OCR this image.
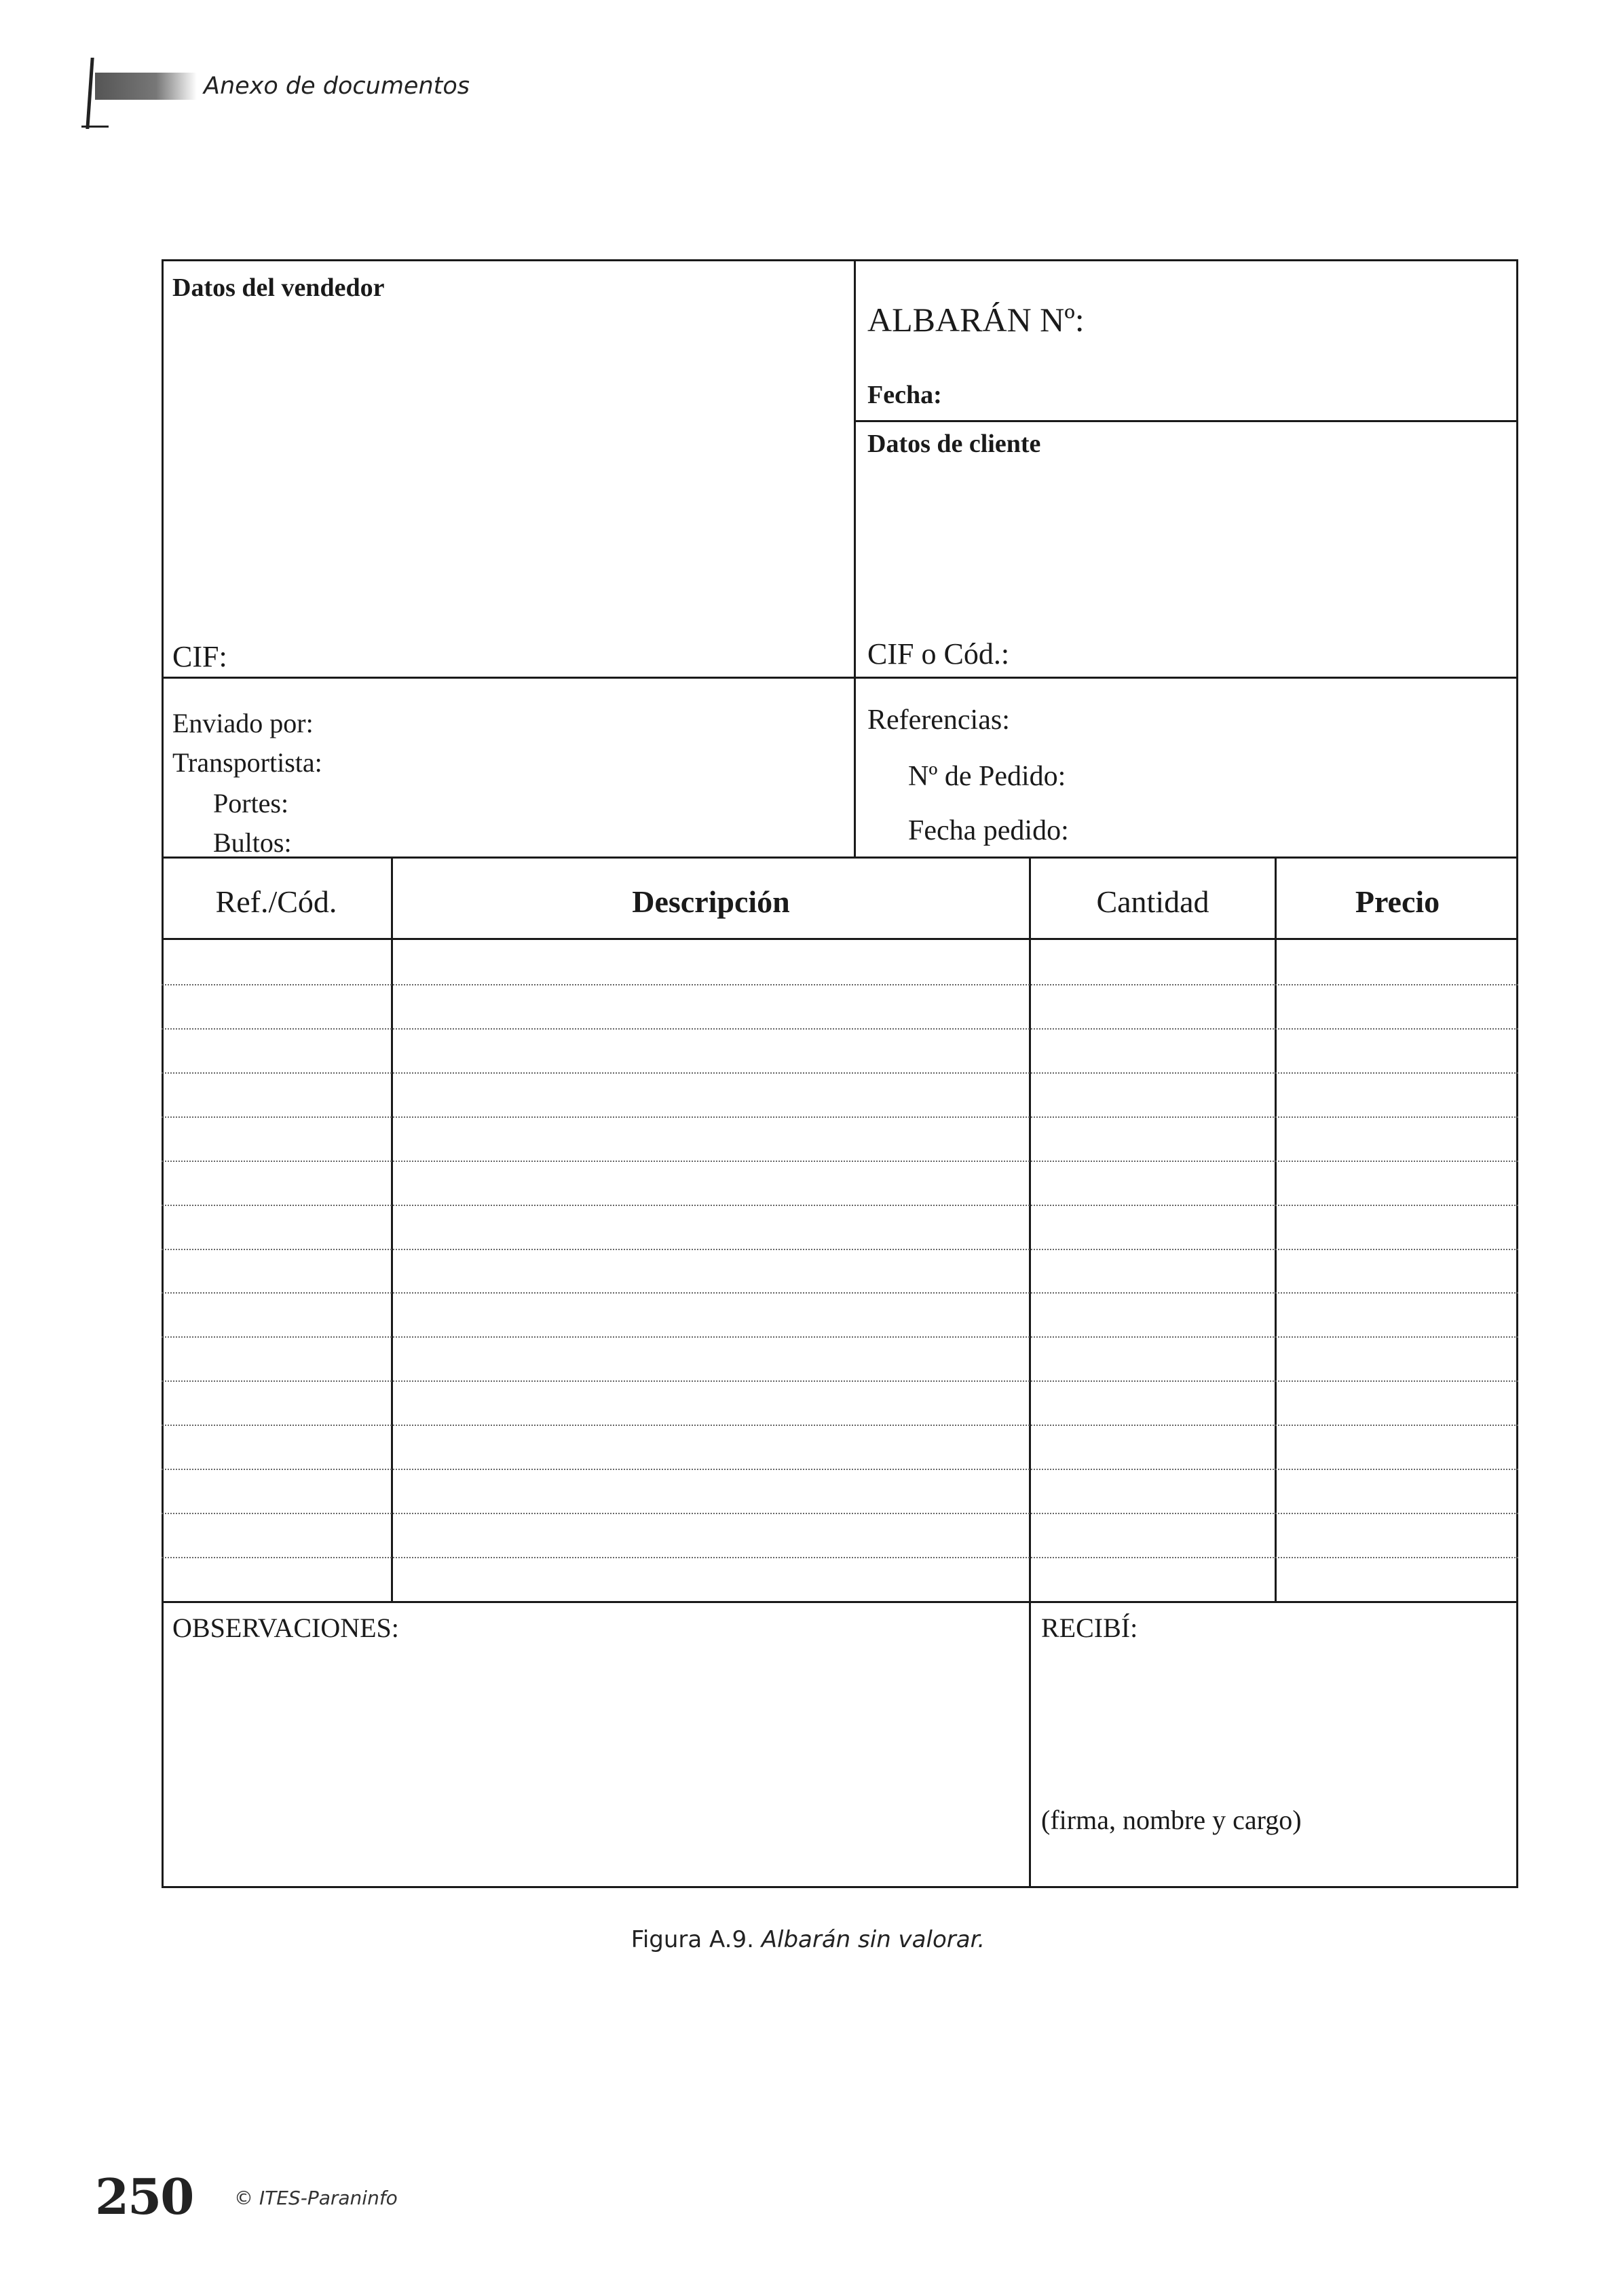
Anexo de documentos
Datos del vendedor
CIF:
ALBARÁN Nº:
Fecha:
Datos de cliente
CIF o Cód.:
Enviado por:
Transportista:
Portes:
Bultos:
Referencias:
Nº de Pedido:
Fecha pedido:
Ref./Cód.	Descripción	Cantidad	Precio
OBSERVACIONES:	RECIBÍ:
(firma, nombre y cargo)
Figura A.9. Albarán sin valorar.
250 © ITES-Paraninfo
